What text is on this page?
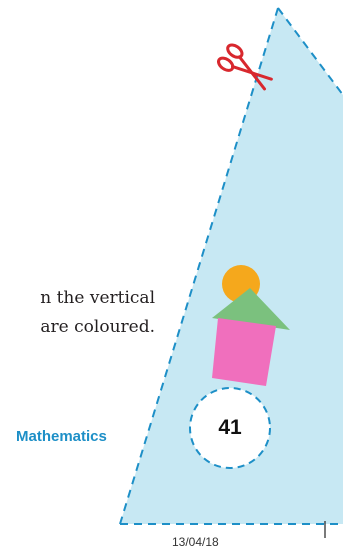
n the vertical
are coloured.
Mathematics	41
13/04/18
